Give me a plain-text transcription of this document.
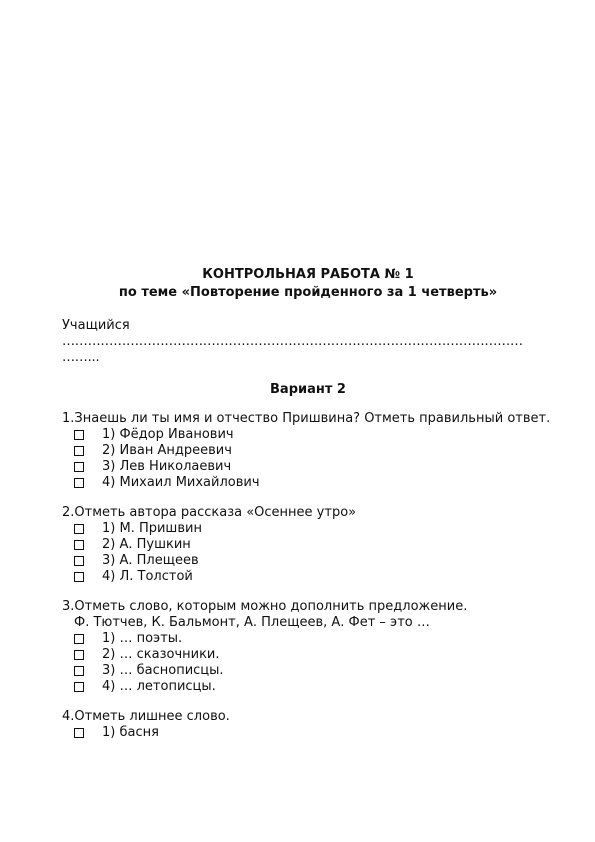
КОНТРОЛЬНАЯ РАБОТА № 1
по теме «Повторение пройденного за 1 четверть»
Учащийся
………………………………………………………………………………………………
……...
Вариант 2
1.Знаешь ли ты имя и отчество Пришвина? Отметь правильный ответ.
1) Фёдор Иванович
2) Иван Андреевич
3) Лев Николаевич
4) Михаил Михайлович
2.Отметь автора рассказа «Осеннее утро»
1) М. Пришвин
2) А. Пушкин
3) А. Плещеев
4) Л. Толстой
3.Отметь слово, которым можно дополнить предложение.
Ф. Тютчев, К. Бальмонт, А. Плещеев, А. Фет – это …
1) … поэты.
2) … сказочники.
3) … баснописцы.
4) … летописцы.
4.Отметь лишнее слово.
1) басня
